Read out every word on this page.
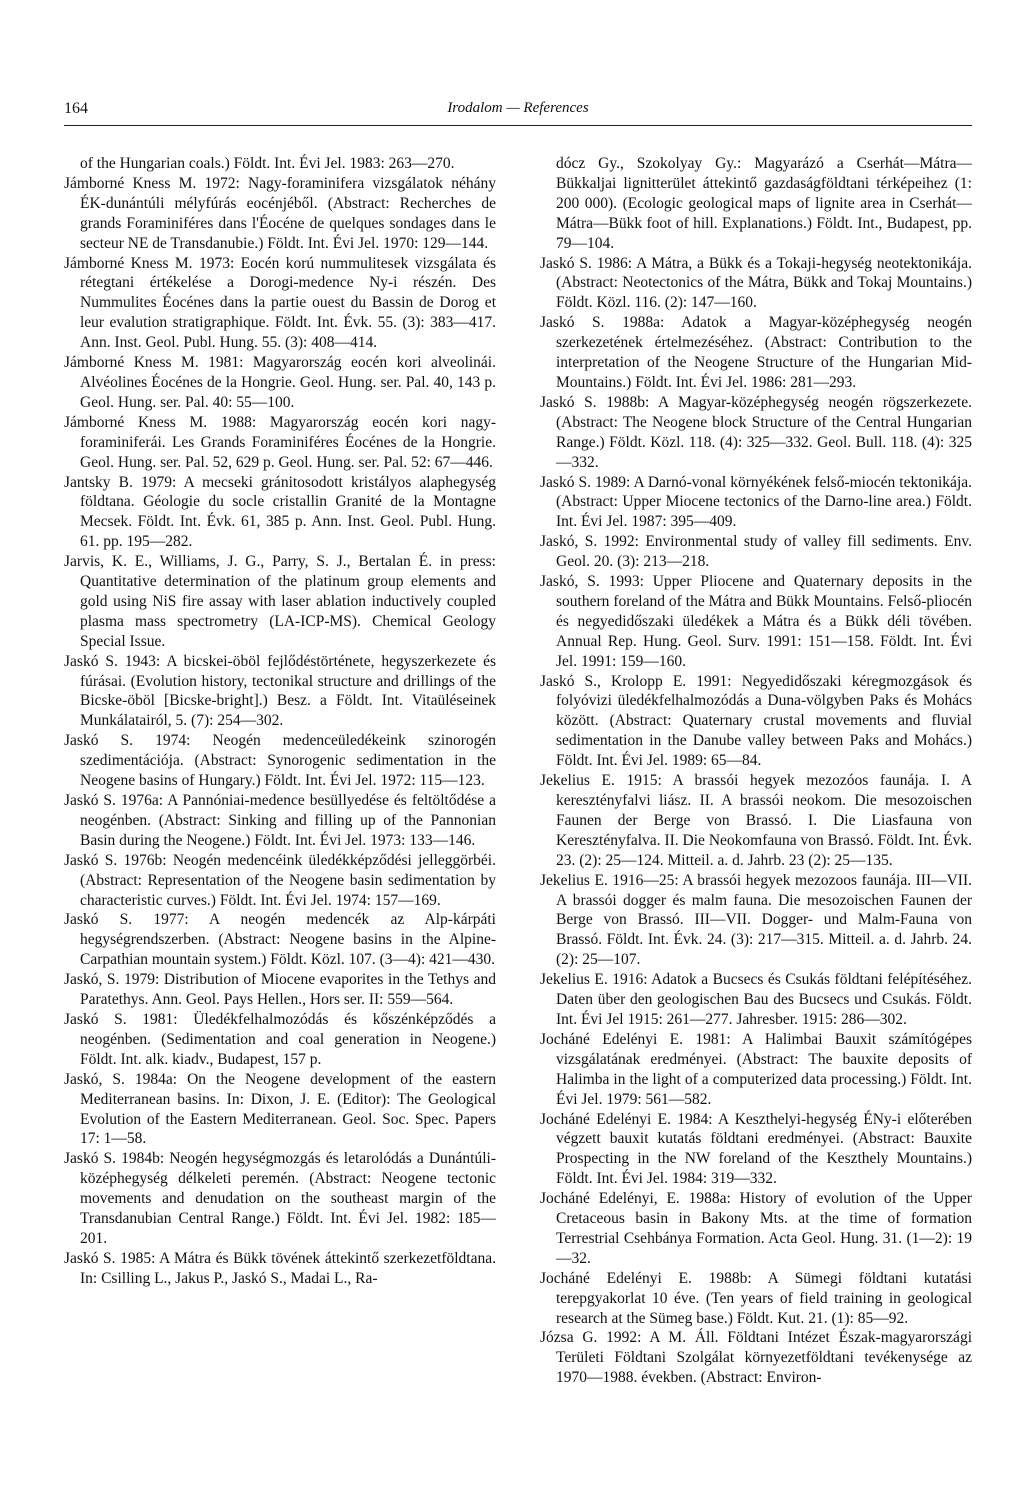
164	Irodalom — References

of the Hungarian coals.) Földt. Int. Évi Jel. 1983: 263—270.

Jámborné Kness M. 1972: Nagy-foraminifera vizsgálatok néhány ÉK-dunántúli mélyfúrás eocénjéből. (Abstract: Recherches de grands Foraminiféres dans l'Éocéne de quelques sondages dans le secteur NE de Transdanubie.) Földt. Int. Évi Jel. 1970: 129—144.

Jámborné Kness M. 1973: Eocén korú nummulitesek vizsgálata és rétegtani értékelése a Dorogi-medence Ny-i részén. Des Nummulites Éocénes dans la partie ouest du Bassin de Dorog et leur evalution stratigraphique. Földt. Int. Évk. 55. (3): 383—417. Ann. Inst. Geol. Publ. Hung. 55. (3): 408—414.

Jámborné Kness M. 1981: Magyarország eocén kori alveolinái. Alvéolines Éocénes de la Hongrie. Geol. Hung. ser. Pal. 40, 143 p. Geol. Hung. ser. Pal. 40: 55—100.

Jámborné Kness M. 1988: Magyarország eocén kori nagy-foraminiferái. Les Grands Foraminiféres Éocénes de la Hongrie. Geol. Hung. ser. Pal. 52, 629 p. Geol. Hung. ser. Pal. 52: 67—446.

Jantsky B. 1979: A mecseki gránitosodott kristályos alaphegység földtana. Géologie du socle cristallin Granité de la Montagne Mecsek. Földt. Int. Évk. 61, 385 p. Ann. Inst. Geol. Publ. Hung. 61. pp. 195—282.

Jarvis, K. E., Williams, J. G., Parry, S. J., Bertalan É. in press: Quantitative determination of the platinum group elements and gold using NiS fire assay with laser ablation inductively coupled plasma mass spectrometry (LA-ICP-MS). Chemical Geology Special Issue.

Jaskó S. 1943: A bicskei-öböl fejlődéstörténete, hegyszerkezete és fúrásai. (Evolution history, tectonikal structure and drillings of the Bicske-öböl [Bicske-bright].) Besz. a Földt. Int. Vitaüléseinek Munkálatairól, 5. (7): 254—302.

Jaskó S. 1974: Neogén medenceüledékeink szinorogén szedimentációja. (Abstract: Synorogenic sedimentation in the Neogene basins of Hungary.) Földt. Int. Évi Jel. 1972: 115—123.

Jaskó S. 1976a: A Pannóniai-medence besüllyedése és feltöltődése a neogénben. (Abstract: Sinking and filling up of the Pannonian Basin during the Neogene.) Földt. Int. Évi Jel. 1973: 133—146.

Jaskó S. 1976b: Neogén medencéink üledékképződési jelleggörbéi. (Abstract: Representation of the Neogene basin sedimentation by characteristic curves.) Földt. Int. Évi Jel. 1974: 157—169.

Jaskó S. 1977: A neogén medencék az Alp-kárpáti hegységrendszerben. (Abstract: Neogene basins in the Alpine-Carpathian mountain system.) Földt. Közl. 107. (3—4): 421—430.

Jaskó, S. 1979: Distribution of Miocene evaporites in the Tethys and Paratethys. Ann. Geol. Pays Hellen., Hors ser. II: 559—564.

Jaskó S. 1981: Üledékfelhalmozódás és kőszénképződés a neogénben. (Sedimentation and coal generation in Neogene.) Földt. Int. alk. kiadv., Budapest, 157 p.

Jaskó, S. 1984a: On the Neogene development of the eastern Mediterranean basins. In: Dixon, J. E. (Editor): The Geological Evolution of the Eastern Mediterranean. Geol. Soc. Spec. Papers 17: 1—58.

Jaskó S. 1984b: Neogén hegységmozgás és letarolódás a Dunántúli-középhegység délkeleti peremén. (Abstract: Neogene tectonic movements and denudation on the southeast margin of the Transdanubian Central Range.) Földt. Int. Évi Jel. 1982: 185—201.

Jaskó S. 1985: A Mátra és Bükk tövének áttekintő szerkezetföldtana. In: Csilling L., Jakus P., Jaskó S., Madai L., Ra-

dócz Gy., Szokolyay Gy.: Magyarázó a Cserhát—Mátra—Bükkaljai lignitterület áttekintő gazdaságföldtani térképeihez (1: 200 000). (Ecologic geological maps of lignite area in Cserhát—Mátra—Bükk foot of hill. Explanations.) Földt. Int., Budapest, pp. 79—104.

Jaskó S. 1986: A Mátra, a Bükk és a Tokaji-hegység neotektonikája. (Abstract: Neotectonics of the Mátra, Bükk and Tokaj Mountains.) Földt. Közl. 116. (2): 147—160.

Jaskó S. 1988a: Adatok a Magyar-középhegység neogén szerkezetének értelmezéséhez. (Abstract: Contribution to the interpretation of the Neogene Structure of the Hungarian Mid-Mountains.) Földt. Int. Évi Jel. 1986: 281—293.

Jaskó S. 1988b: A Magyar-középhegység neogén rögszerkezete. (Abstract: The Neogene block Structure of the Central Hungarian Range.) Földt. Közl. 118. (4): 325—332. Geol. Bull. 118. (4): 325—332.

Jaskó S. 1989: A Darnó-vonal környékének felső-miocén tektonikája. (Abstract: Upper Miocene tectonics of the Darno-line area.) Földt. Int. Évi Jel. 1987: 395—409.

Jaskó, S. 1992: Environmental study of valley fill sediments. Env. Geol. 20. (3): 213—218.

Jaskó, S. 1993: Upper Pliocene and Quaternary deposits in the southern foreland of the Mátra and Bükk Mountains. Felső-pliocén és negyedidőszaki üledékek a Mátra és a Bükk déli tövében. Annual Rep. Hung. Geol. Surv. 1991: 151—158. Földt. Int. Évi Jel. 1991: 159—160.

Jaskó S., Krolopp E. 1991: Negyedidőszaki kéregmozgások és folyóvizi üledékfelhalmozódás a Duna-völgyben Paks és Mohács között. (Abstract: Quaternary crustal movements and fluvial sedimentation in the Danube valley between Paks and Mohács.) Földt. Int. Évi Jel. 1989: 65—84.

Jekelius E. 1915: A brassói hegyek mezozóos faunája. I. A keresztényfalvi liász. II. A brassói neokom. Die mesozoischen Faunen der Berge von Brassó. I. Die Liasfauna von Keresztényfalva. II. Die Neokomfauna von Brassó. Földt. Int. Évk. 23. (2): 25—124. Mitteil. a. d. Jahrb. 23 (2): 25—135.

Jekelius E. 1916—25: A brassói hegyek mezozoos faunája. III—VII. A brassói dogger és malm fauna. Die mesozoischen Faunen der Berge von Brassó. III—VII. Dogger- und Malm-Fauna von Brassó. Földt. Int. Évk. 24. (3): 217—315. Mitteil. a. d. Jahrb. 24. (2): 25—107.

Jekelius E. 1916: Adatok a Bucsecs és Csukás földtani felépítéséhez. Daten über den geologischen Bau des Bucsecs und Csukás. Földt. Int. Évi Jel 1915: 261—277. Jahresber. 1915: 286—302.

Jocháné Edelényi E. 1981: A Halimbai Bauxit számítógépes vizsgálatának eredményei. (Abstract: The bauxite deposits of Halimba in the light of a computerized data processing.) Földt. Int. Évi Jel. 1979: 561—582.

Jocháné Edelényi E. 1984: A Keszthelyi-hegység ÉNy-i előterében végzett bauxit kutatás földtani eredményei. (Abstract: Bauxite Prospecting in the NW foreland of the Keszthely Mountains.) Földt. Int. Évi Jel. 1984: 319—332.

Jocháné Edelényi, E. 1988a: History of evolution of the Upper Cretaceous basin in Bakony Mts. at the time of formation Terrestrial Csehbánya Formation. Acta Geol. Hung. 31. (1—2): 19—32.

Jocháné Edelényi E. 1988b: A Sümegi földtani kutatási terepgyakorlat 10 éve. (Ten years of field training in geological research at the Sümeg base.) Földt. Kut. 21. (1): 85—92.

Józsa G. 1992: A M. Áll. Földtani Intézet Észak-magyarországi Területi Földtani Szolgálat környezetföldtani tevékenysége az 1970—1988. években. (Abstract: Environ-
